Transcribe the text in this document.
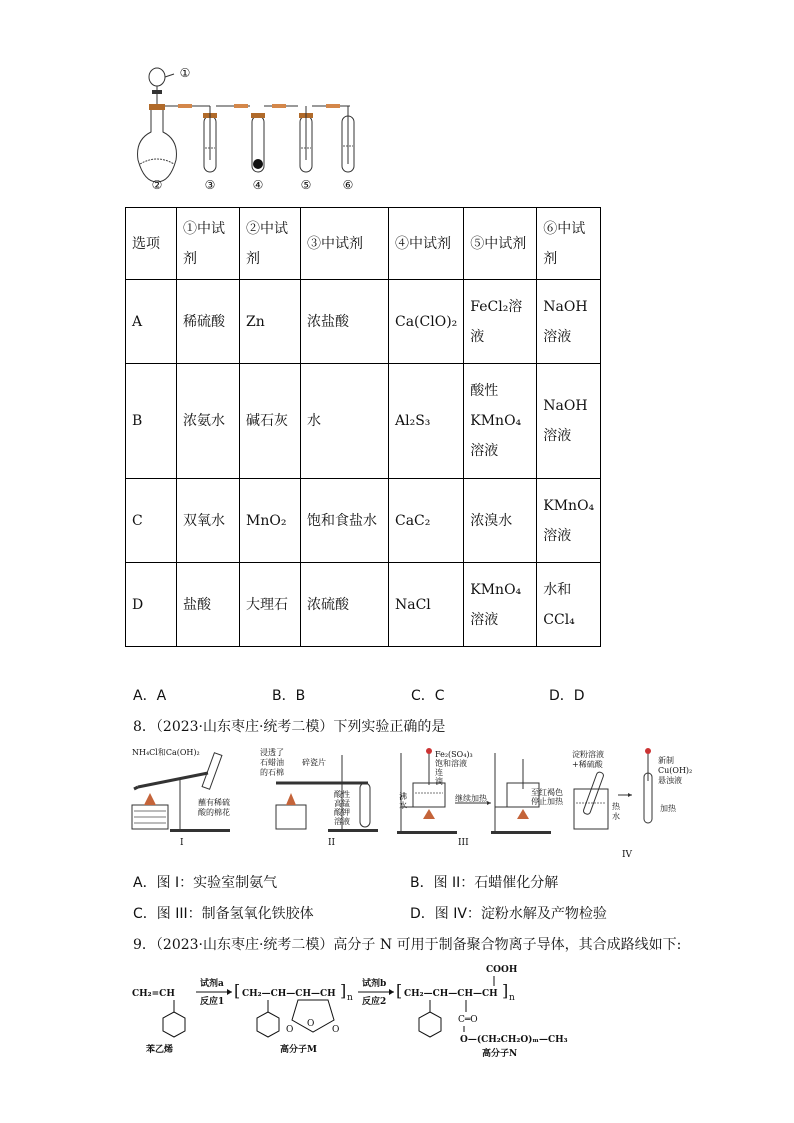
①
②	③	④	⑤	⑥
选项	①中试剂	②中试剂	③中试剂	④中试剂	⑤中试剂	⑥中试剂
A	稀硫酸	Zn	浓盐酸	Ca(ClO)₂	FeCl₂溶液	NaOH溶液
B	浓氨水	碱石灰	水	Al₂S₃	酸性KMnO₄溶液	NaOH溶液
C	双氧水	MnO₂	饱和食盐水	CaC₂	浓溴水	KMnO₄溶液
D	盐酸	大理石	浓硫酸	NaCl	KMnO₄溶液	水和CCl₄
A．A	B．B	C．C	D．D
8．（2023·山东枣庄·统考二模）下列实验正确的是
NH₄Cl和Ca(OH)₂
蘸有稀硫
酸的棉花
I
浸透了
石蜡油
的石棉
碎瓷片
酸性
高锰
酸钾
溶液
II
Fe₂(SO₄)₃
饱和溶液
连
滴
沸
水
继续加热
至红褐色
停止加热
III
淀粉溶液
+稀硫酸
热
水
新制
Cu(OH)₂
悬浊液
加热
IV
A．图 I：实验室制氨气	B．图 II：石蜡催化分解
C．图 III：制备氢氧化铁胶体	D．图 IV：淀粉水解及产物检验
9．（2023·山东枣庄·统考二模）高分子 N 可用于制备聚合物离子导体，其合成路线如下:
CH₂=CH
苯乙烯
试剂a
反应1
[ CH₂—CH—CH—CH ] n
O
O	O
高分子M
试剂b
反应2
COOH
[ CH₂—CH—CH—CH ] n
C═O
O—(CH₂CH₂O)ₘ—CH₃
高分子N
